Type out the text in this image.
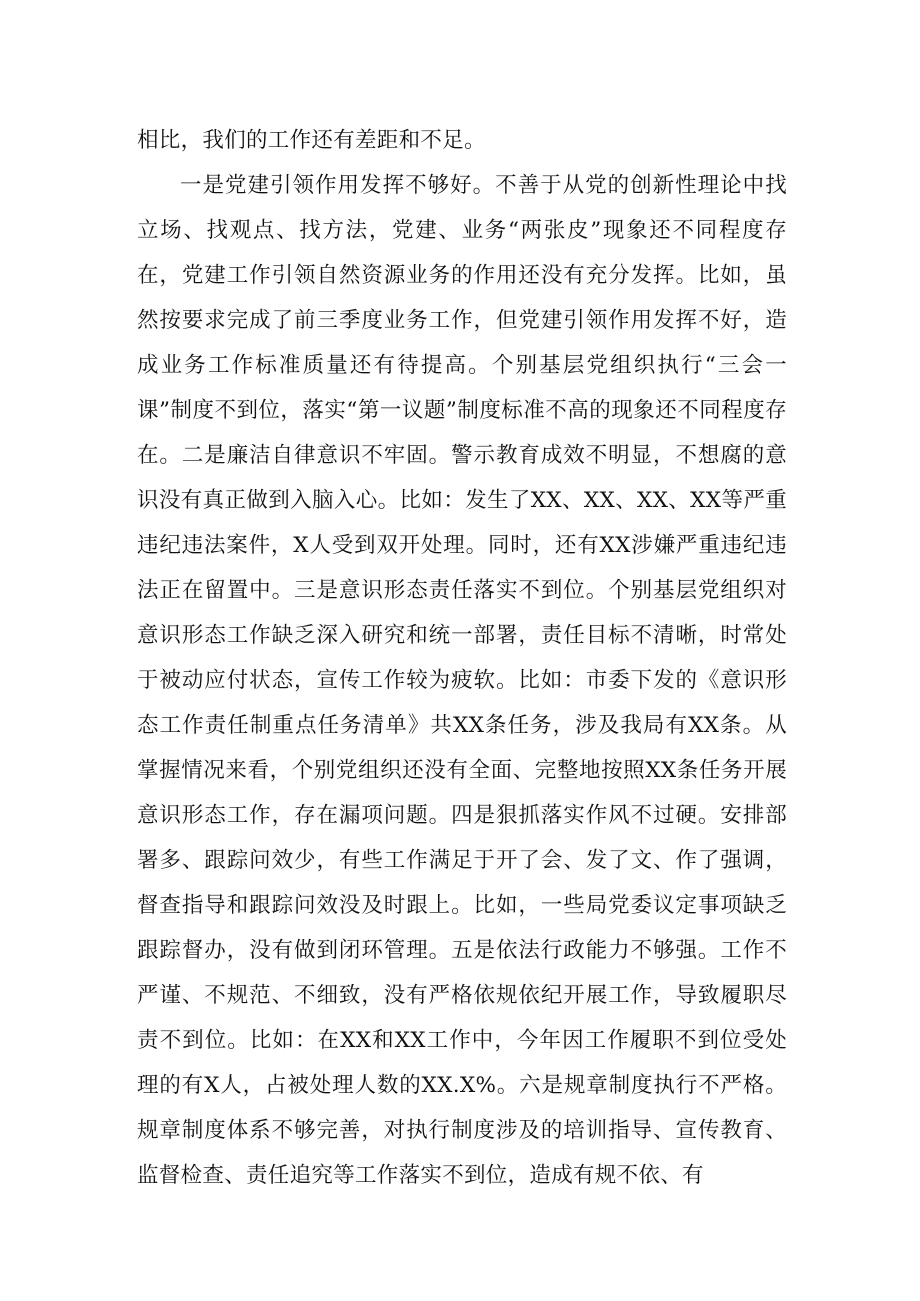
相比，我们的工作还有差距和不足。

一是党建引领作用发挥不够好。不善于从党的创新性理论中找立场、找观点、找方法，党建、业务“两张皮”现象还不同程度存在，党建工作引领自然资源业务的作用还没有充分发挥。比如，虽然按要求完成了前三季度业务工作，但党建引领作用发挥不好，造成业务工作标准质量还有待提高。个别基层党组织执行“三会一课”制度不到位，落实“第一议题”制度标准不高的现象还不同程度存在。二是廉洁自律意识不牢固。警示教育成效不明显，不想腐的意识没有真正做到入脑入心。比如：发生了XX、XX、XX、XX等严重违纪违法案件，X人受到双开处理。同时，还有XX涉嫌严重违纪违法正在留置中。三是意识形态责任落实不到位。个别基层党组织对意识形态工作缺乏深入研究和统一部署，责任目标不清晰，时常处于被动应付状态，宣传工作较为疲软。比如：市委下发的《意识形态工作责任制重点任务清单》共XX条任务，涉及我局有XX条。从掌握情况来看，个别党组织还没有全面、完整地按照XX条任务开展意识形态工作，存在漏项问题。四是狠抓落实作风不过硬。安排部署多、跟踪问效少，有些工作满足于开了会、发了文、作了强调，督查指导和跟踪问效没及时跟上。比如，一些局党委议定事项缺乏跟踪督办，没有做到闭环管理。五是依法行政能力不够强。工作不严谨、不规范、不细致，没有严格依规依纪开展工作，导致履职尽责不到位。比如：在XX和XX工作中，今年因工作履职不到位受处理的有X人，占被处理人数的XX.X%。六是规章制度执行不严格。规章制度体系不够完善，对执行制度涉及的培训指导、宣传教育、监督检查、责任追究等工作落实不到位，造成有规不依、有
